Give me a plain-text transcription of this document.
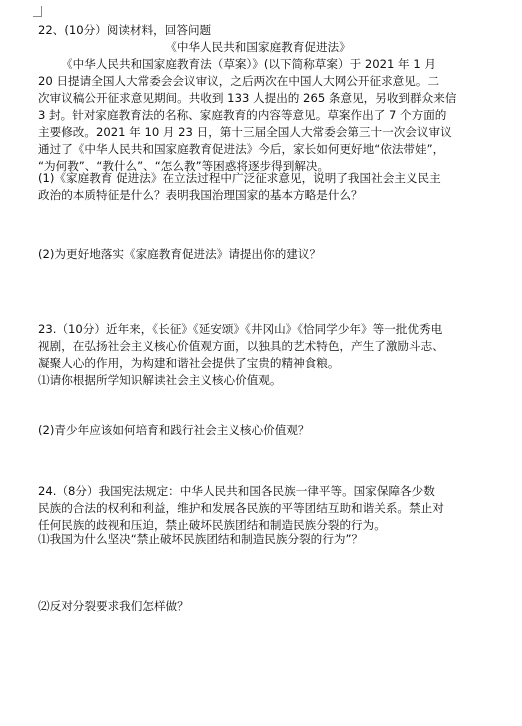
22、(10分）阅读材料，回答问题
《中华人民共和国家庭教育促进法》
《中华人民共和国家庭教育法（草案）》(以下简称草案）于 2021 年 1 月
20 日提请全国人大常委会会议审议，之后两次在中国人大网公开征求意见。二
次审议稿公开征求意见期间。共收到 133 人提出的 265 条意见，另收到群众来信
3 封。针对家庭教育法的名称、家庭教育的内容等意见。草案作出了 7 个方面的
主要修改。2021 年 10 月 23 日，第十三届全国人大常委会第三十一次会议审议
通过了《中华人民共和国家庭教育促进法》今后，家长如何更好地“依法带娃”，
“为何教”、“教什么”、“怎么教”等困惑将逐步得到解决。
(1)《家庭教育 促进法》在立法过程中广泛征求意见，说明了我国社会主义民主
政治的本质特征是什么？表明我国治理国家的基本方略是什么？
(2)为更好地落实《家庭教育促进法》请提出你的建议？
23.（10分）近年来，《长征》《延安颂》《井冈山》《恰同学少年》等一批优秀电
视剧，在弘扬社会主义核心价值观方面，以独具的艺术特色，产生了激励斗志、
凝聚人心的作用，为构建和谐社会提供了宝贵的精神食粮。
⑴请你根据所学知识解读社会主义核心价值观。
(2)青少年应该如何培育和践行社会主义核心价值观？
24.（8分）我国宪法规定：中华人民共和国各民族一律平等。国家保障各少数
民族的合法的权利和利益，维护和发展各民族的平等团结互助和谐关系。禁止对
任何民族的歧视和压迫，禁止破坏民族团结和制造民族分裂的行为。
⑴我国为什么坚决“禁止破坏民族团结和制造民族分裂的行为”？
⑵反对分裂要求我们怎样做？
